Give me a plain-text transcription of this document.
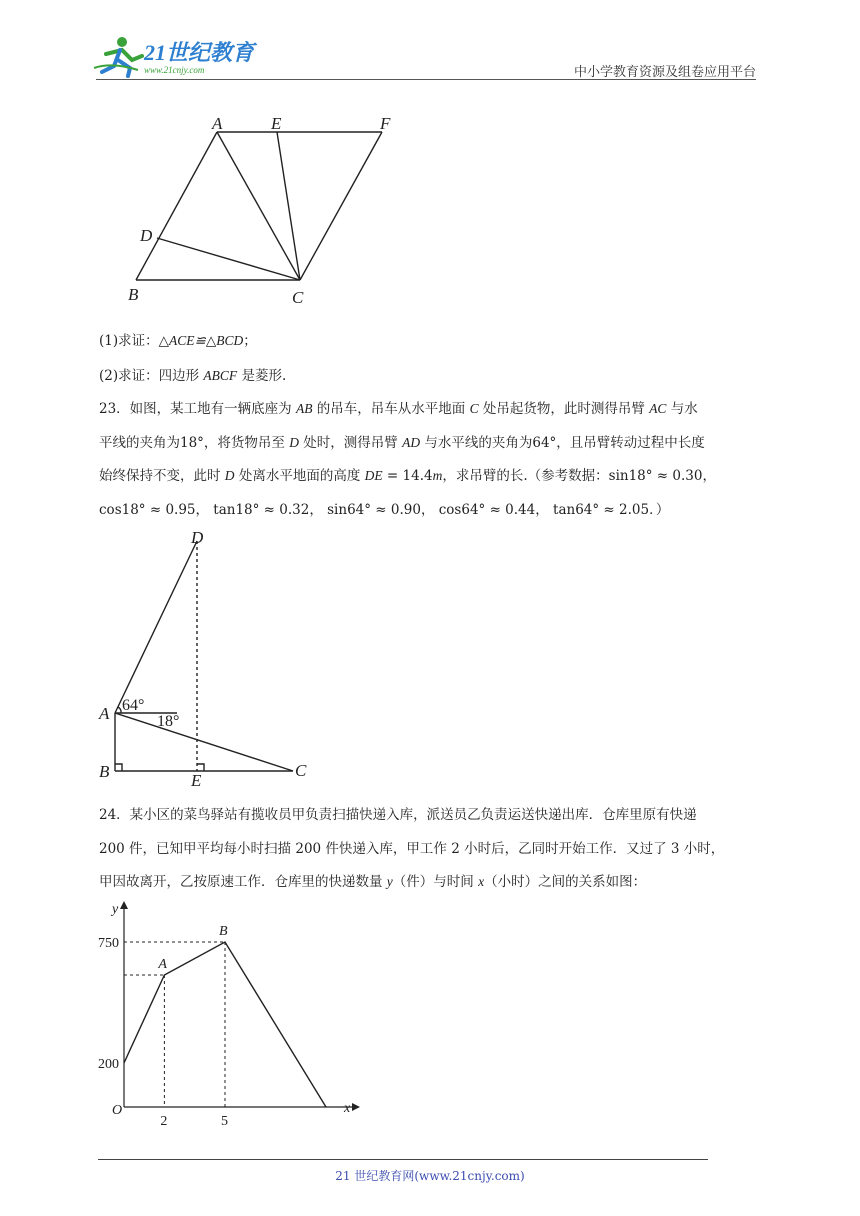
21世纪教育
www.21cnjy.com	中小学教育资源及组卷应用平台
A	E	F
D
B	C
(1)求证：△ACE≌△BCD；
(2)求证：四边形 ABCF 是菱形.
23．如图，某工地有一辆底座为 AB 的吊车，吊车从水平地面 C 处吊起货物，此时测得吊臂 AC 与水
平线的夹角为18°，将货物吊至 D 处时，测得吊臂 AD 与水平线的夹角为64°，且吊臂转动过程中长度
始终保持不变，此时 D 处离水平地面的高度 DE = 14.4m，求吊臂的长.（参考数据：sin18° ≈ 0.30，
cos18° ≈ 0.95， tan18° ≈ 0.32， sin64° ≈ 0.90， cos64° ≈ 0.44， tan64° ≈ 2.05．）
64°
18°
D
A
B	E
C
24．某小区的菜鸟驿站有揽收员甲负责扫描快递入库，派送员乙负责运送快递出库．仓库里原有快递
200 件，已知甲平均每小时扫描 200 件快递入库，甲工作 2 小时后，乙同时开始工作．又过了 3 小时，
甲因故离开，乙按原速工作．仓库里的快递数量 y（件）与时间 x（小时）之间的关系如图：
O	x
y
A
B
2	5
200
750
21 世纪教育网(www.21cnjy.com)
